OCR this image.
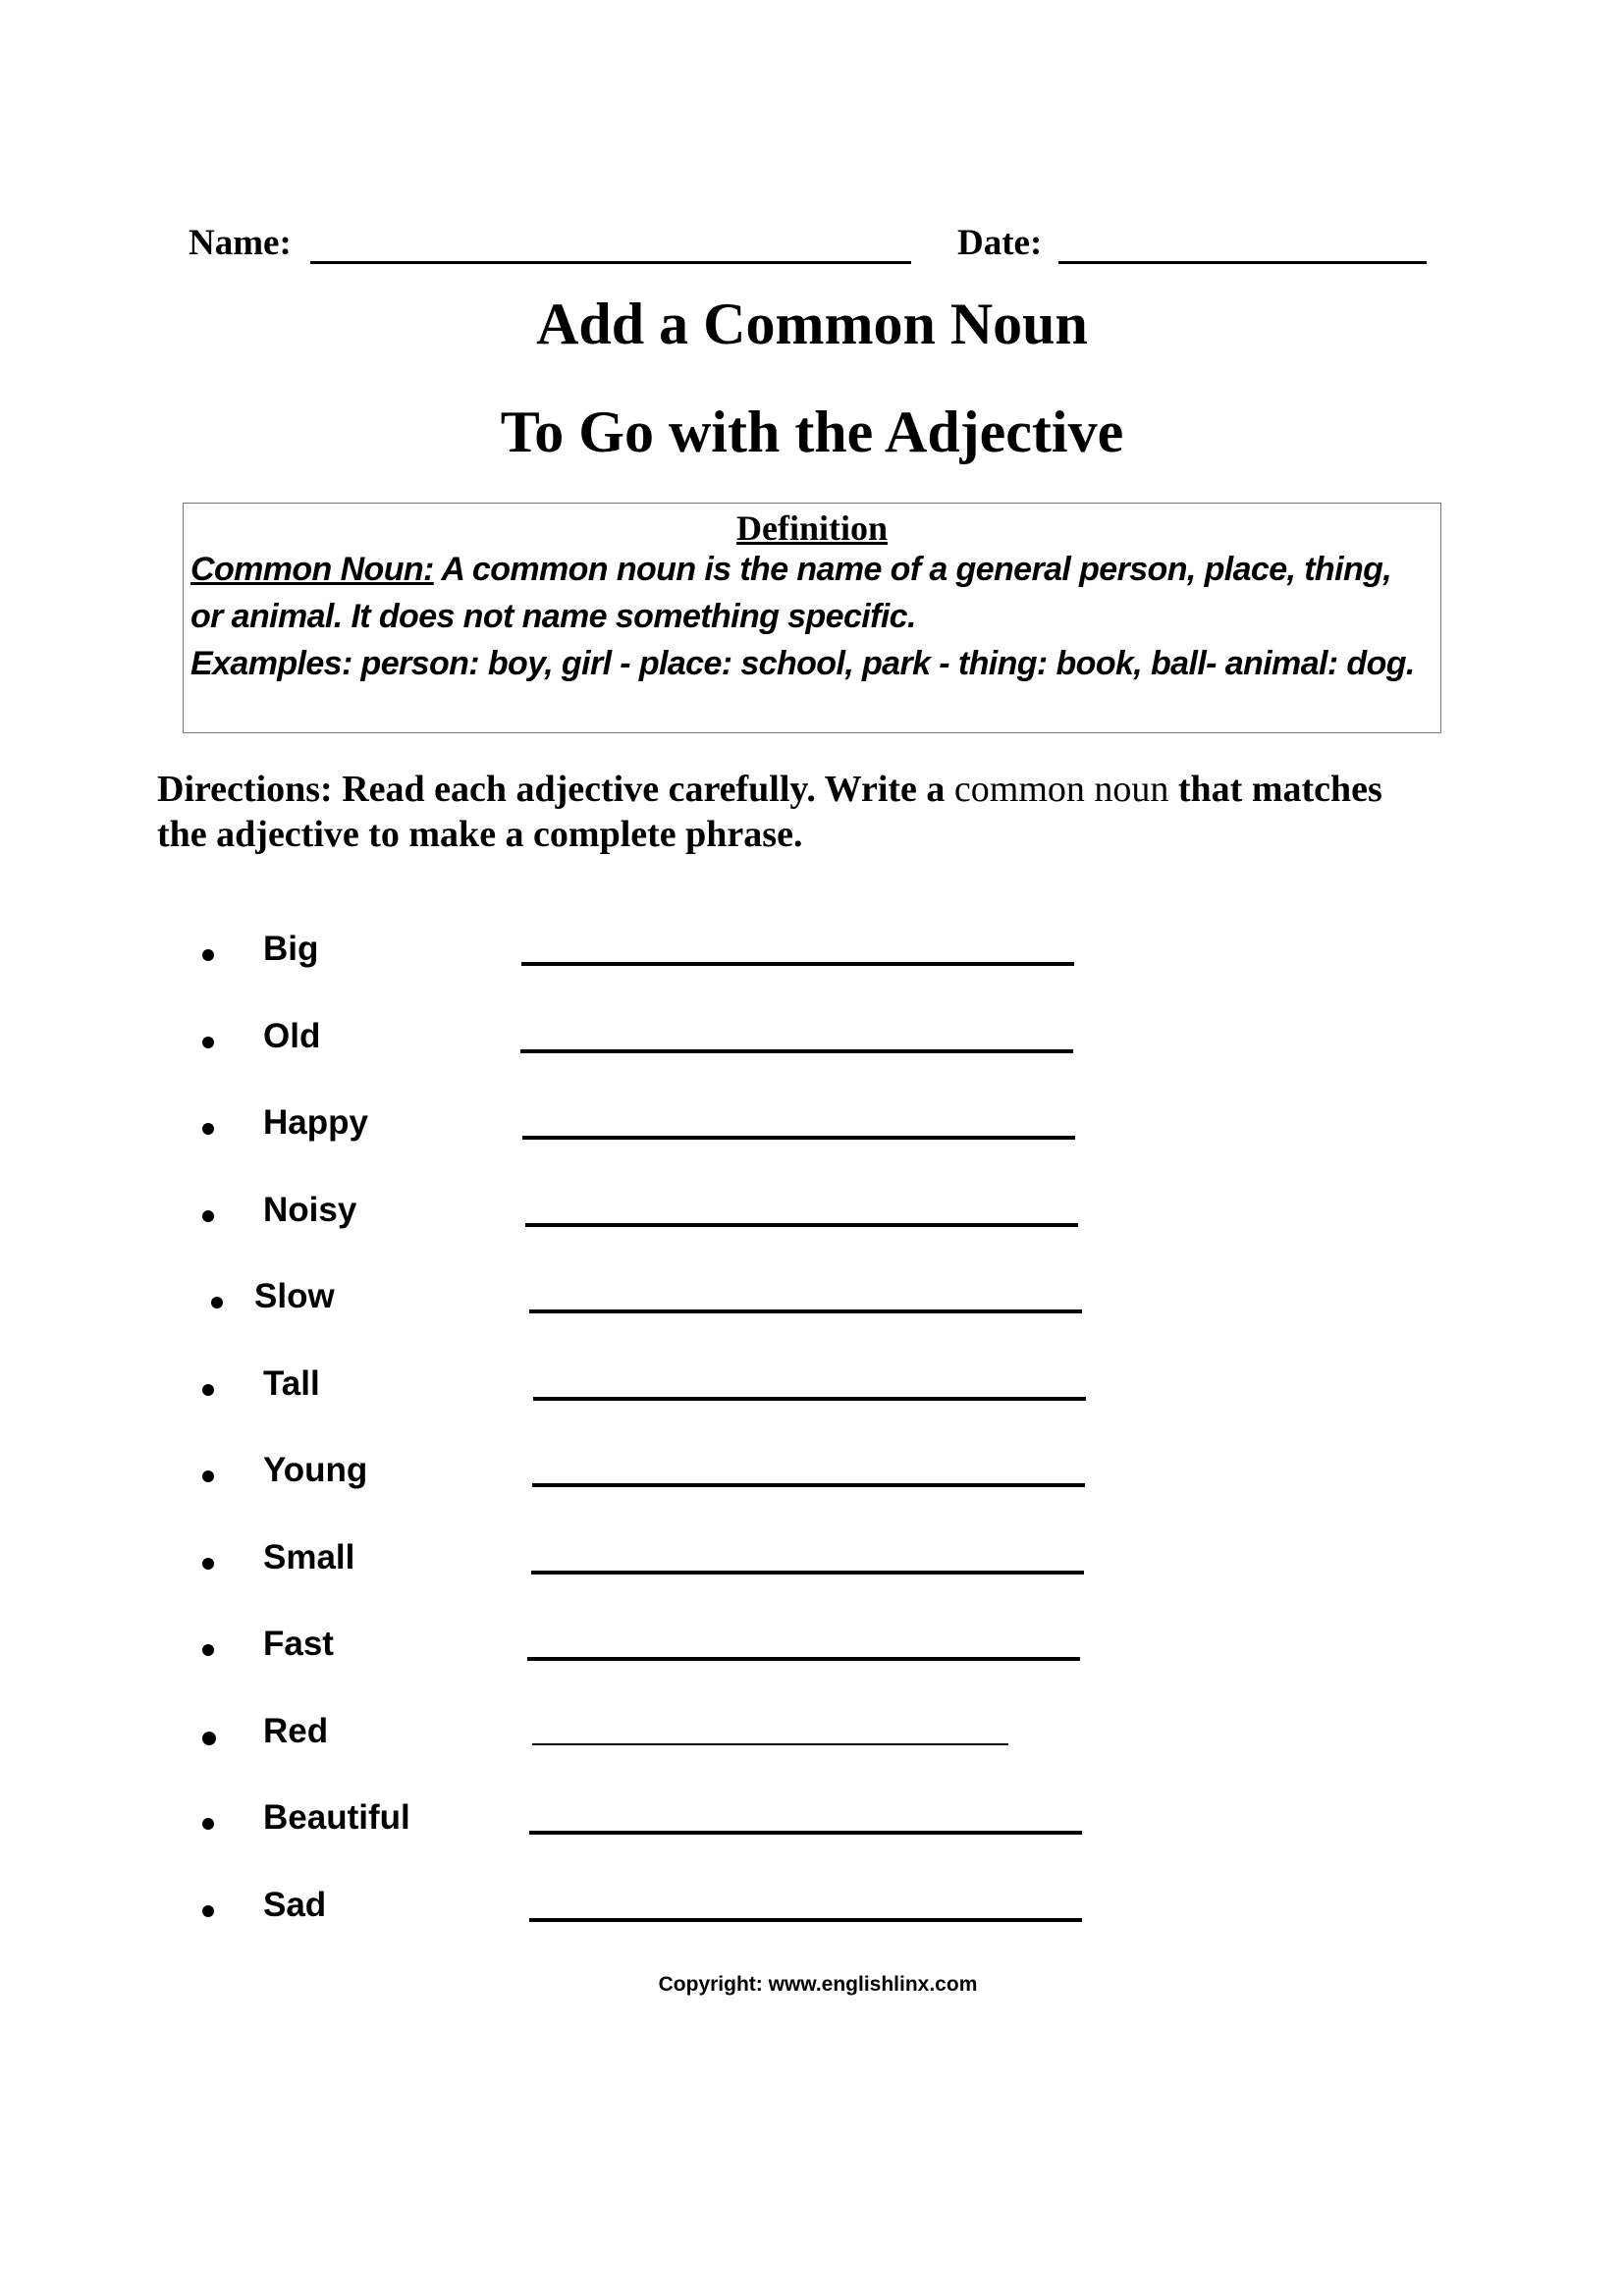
Name:	Date:
Add a Common Noun
To Go with the Adjective
Definition
Common Noun: A common noun is the name of a general person, place, thing,
or animal. It does not name something specific.
Examples: person: boy, girl - place: school, park - thing: book, ball- animal: dog.
Directions: Read each adjective carefully. Write a common noun that matches
the adjective to make a complete phrase.
Big
Old
Happy
Noisy
Slow
Tall
Young
Small
Fast
Red
Beautiful
Sad
Copyright: www.englishlinx.com
